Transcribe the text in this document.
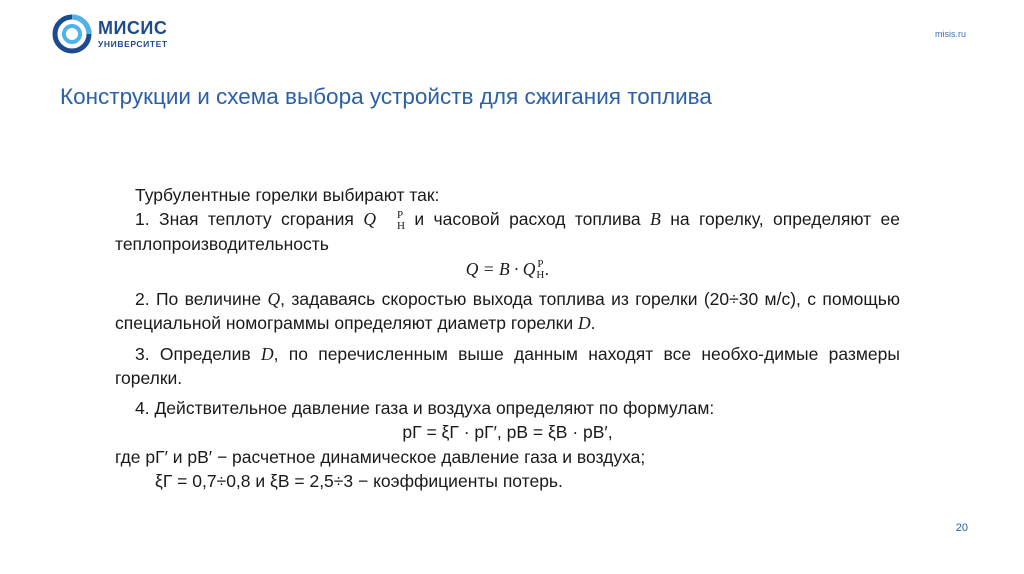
МИСИС
УНИВЕРСИТЕТ
misis.ru
Конструкции и схема выбора устройств для сжигания топлива

Турбулентные горелки выбирают так:

1. Зная теплоту сгорания Q	Р
Н и часовой расход топлива B на горелку, определяют ее теплопроизводительность

Q = B · Q Р
Н .

2. По величине Q, задаваясь скоростью выхода топлива из горелки (20÷30 м/с), с помощью специальной номограммы определяют диаметр горелки D.

3. Определив D, по перечисленным выше данным находят все необхо-димые размеры горелки.

4. Действительное давление газа и воздуха определяют по формулам:

pГ = ξГ · pГ′, pВ = ξВ · pВ′,

где pГ′ и pВ′ − расчетное динамическое давление газа и воздуха;

ξГ = 0,7÷0,8 и ξВ = 2,5÷3 − коэффициенты потерь.

20
